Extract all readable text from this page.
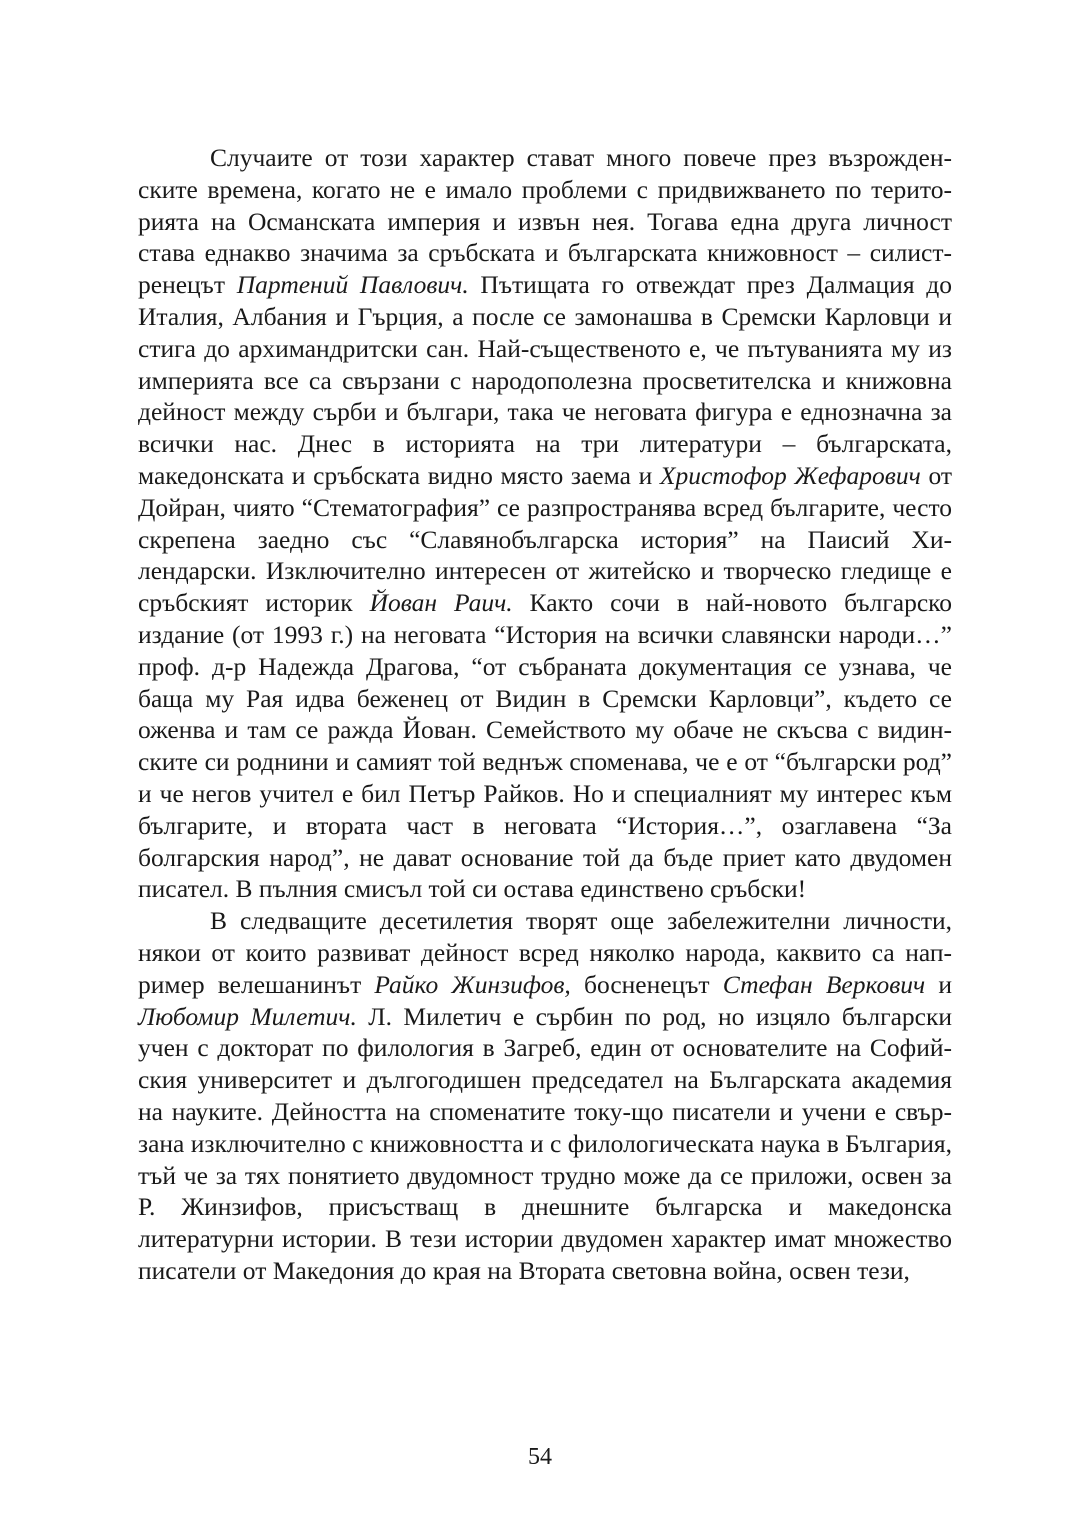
Случаите от този характер стават много повече през възрожденските времена, когато не е имало проблеми с придвижването по територията на Османската империя и извън нея. Тогава една друга личност става еднакво значима за сръбската и българската книжовност – силистренецът Партений Павлович. Пътищата го отвеждат през Далмация до Италия, Албания и Гърция, а после се замонашва в Сремски Карловци и стига до архимандритски сан. Най-същественото е, че пътуванията му из империята все са свързани с народополезна просветителска и книжовна дейност между сърби и българи, така че неговата фигура е еднозначна за всички нас. Днес в историята на три литератури – българската, македонската и сръбската видно място заема и Христофор Жефарович от Дойран, чиято “Стематография” се разпространява всред българите, често скрепена заедно със “Славянобългарска история” на Паисий Хилендарски. Изключително интересен от житейско и творческо гледище е сръбският историк Йован Раич. Както сочи в най-новото българско издание (от 1993 г.) на неговата “История на всички славянски народи…” проф. д-р Надежда Драгова, “от събраната документация се узнава, че баща му Рая идва беженец от Видин в Сремски Карловци”, където се оженва и там се ражда Йован. Семейството му обаче не скъсва с видинските си роднини и самият той веднъж споменава, че е от “български род” и че негов учител е бил Петър Райков. Но и специалният му интерес към българите, и втората част в неговата “История…”, озаглавена “За болгарския народ”, не дават основание той да бъде приет като двудомен писател. В пълния смисъл той си остава единствено сръбски!

В следващите десетилетия творят още забележителни личности, някои от които развиват дейност всред няколко народа, каквито са например велешанинът Райко Жинзифов, босненецът Стефан Веркович и Любомир Милетич. Л. Милетич е сърбин по род, но изцяло български учен с докторат по филология в Загреб, един от основателите на Софийския университет и дългогодишен председател на Българската академия на науките. Дейността на споменатите току-що писатели и учени е свързана изключително с книжовността и с филологическата наука в България, тъй че за тях понятието двудомност трудно може да се приложи, освен за Р. Жинзифов, присъстващ в днешните българска и македонска литературни истории. В тези истории двудомен характер имат множество писатели от Македония до края на Втората световна война, освен тези,

54
